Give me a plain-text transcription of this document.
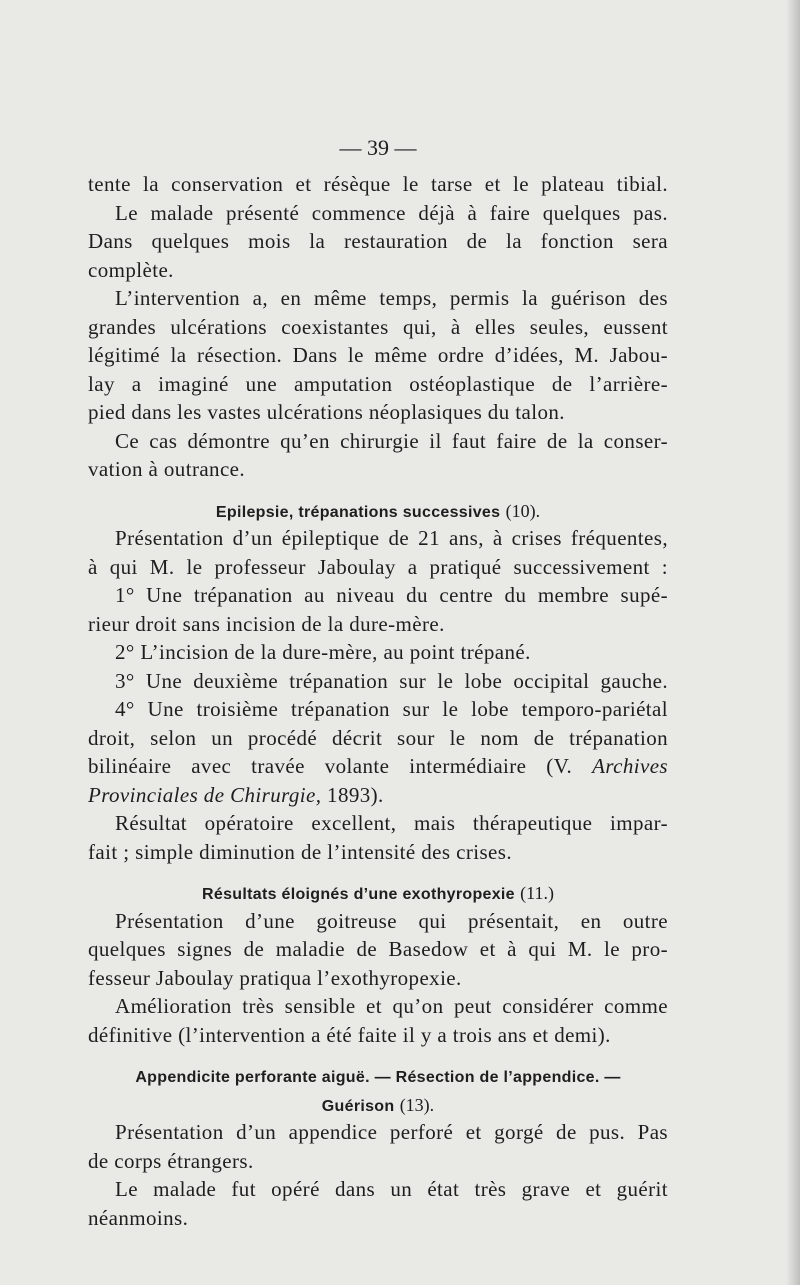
— 39 —
tente la conservation et résèque le tarse et le plateau tibial.
Le malade présenté commence déjà à faire quelques pas.
Dans quelques mois la restauration de la fonction sera
complète.
L’intervention a, en même temps, permis la guérison des
grandes ulcérations coexistantes qui, à elles seules, eussent
légitimé la résection. Dans le même ordre d’idées, M. Jabou-
lay a imaginé une amputation ostéoplastique de l’arrière-
pied dans les vastes ulcérations néoplasiques du talon.
Ce cas démontre qu’en chirurgie il faut faire de la conser-
vation à outrance.
Epilepsie, trépanations successives (10).
Présentation d’un épileptique de 21 ans, à crises fréquentes,
à qui M. le professeur Jaboulay a pratiqué successivement :
1° Une trépanation au niveau du centre du membre supé-
rieur droit sans incision de la dure-mère.
2° L’incision de la dure-mère, au point trépané.
3° Une deuxième trépanation sur le lobe occipital gauche.
4° Une troisième trépanation sur le lobe temporo-pariétal
droit, selon un procédé décrit sour le nom de trépanation
bilinéaire avec travée volante intermédiaire (V. Archives
Provinciales de Chirurgie, 1893).
Résultat opératoire excellent, mais thérapeutique impar-
fait ; simple diminution de l’intensité des crises.
Résultats éloignés d’une exothyropexie (11.)
Présentation d’une goitreuse qui présentait, en outre
quelques signes de maladie de Basedow et à qui M. le pro-
fesseur Jaboulay pratiqua l’exothyropexie.
Amélioration très sensible et qu’on peut considérer comme
définitive (l’intervention a été faite il y a trois ans et demi).
Appendicite perforante aiguë. — Résection de l’appendice. —
Guérison (13).
Présentation d’un appendice perforé et gorgé de pus. Pas
de corps étrangers.
Le malade fut opéré dans un état très grave et guérit
néanmoins.
